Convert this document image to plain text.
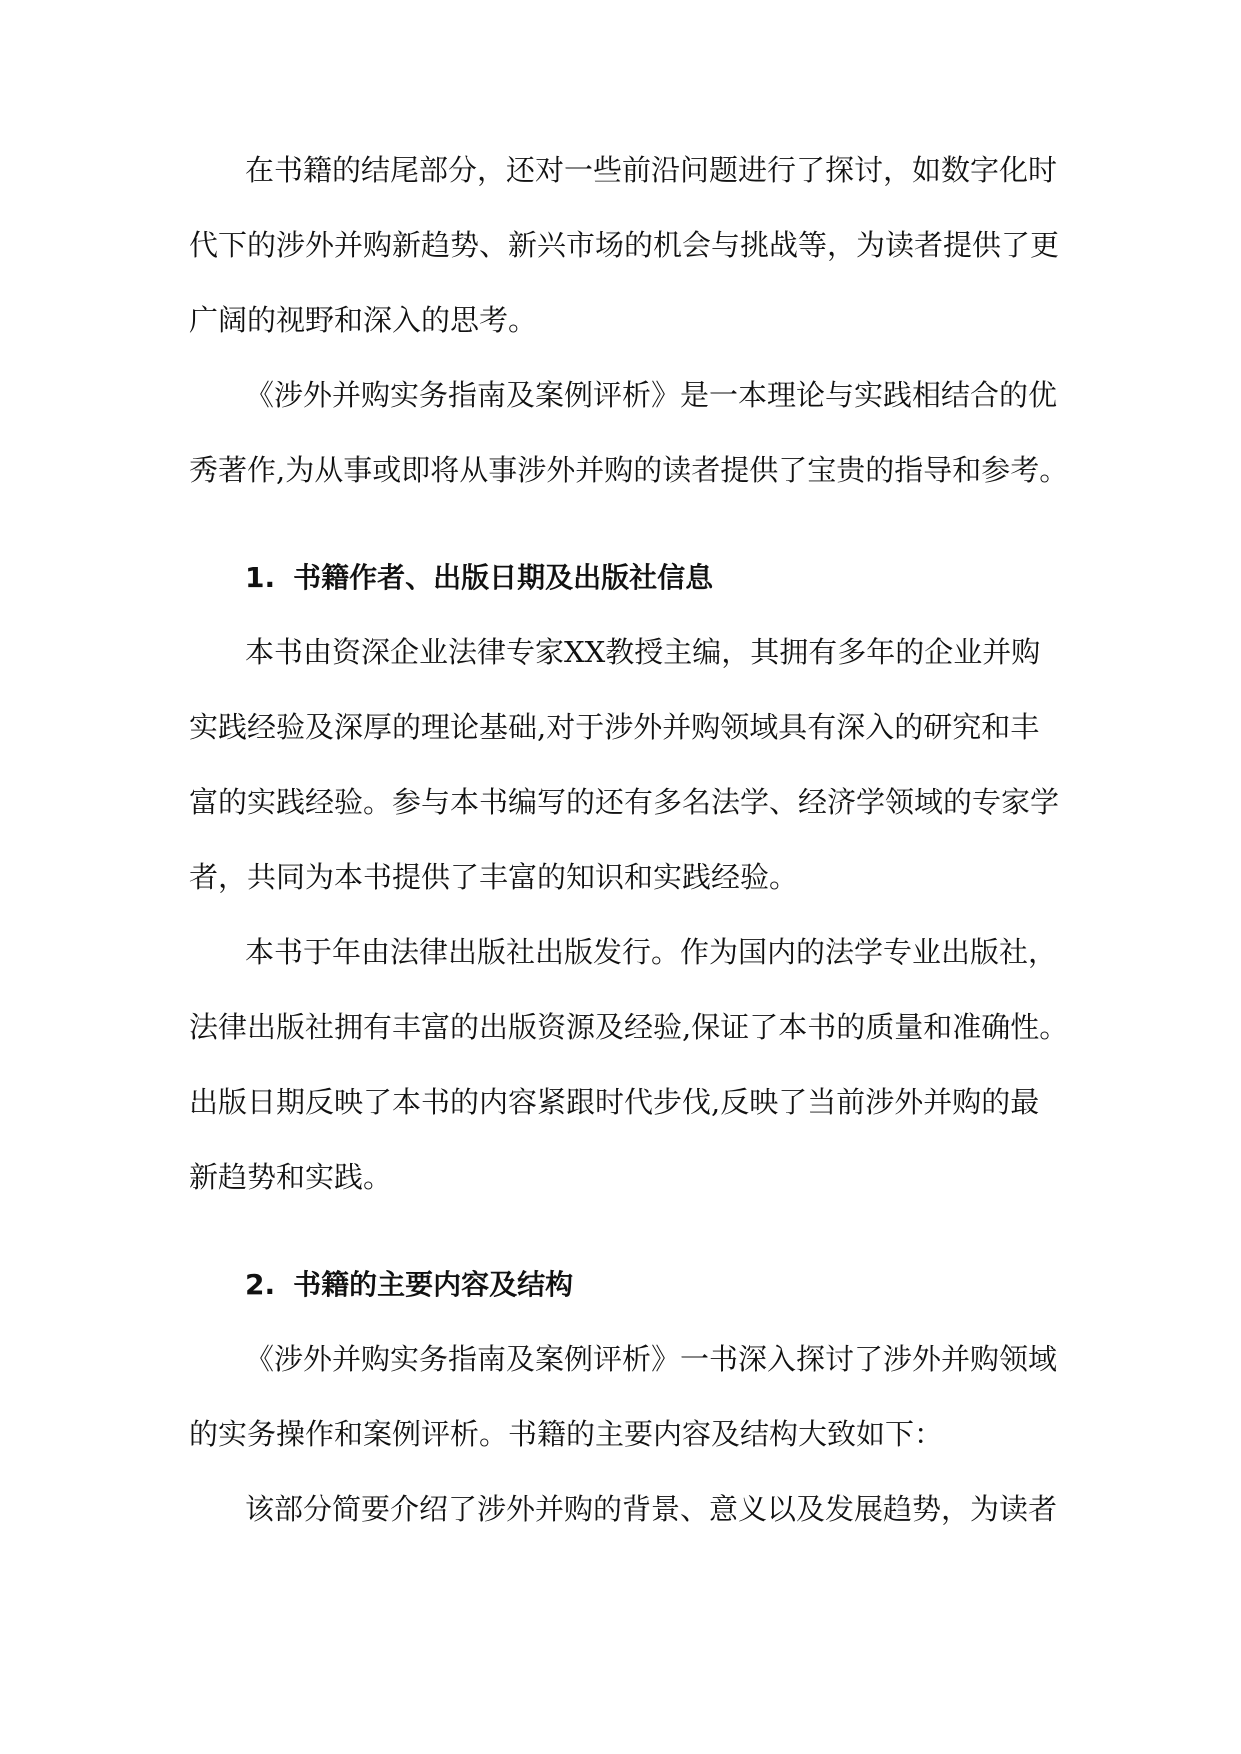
在书籍的结尾部分，还对一些前沿问题进行了探讨，如数字化时
代下的涉外并购新趋势、新兴市场的机会与挑战等，为读者提供了更
广阔的视野和深入的思考。
《涉外并购实务指南及案例评析》是一本理论与实践相结合的优
秀著作,为从事或即将从事涉外并购的读者提供了宝贵的指导和参考。
1. 书籍作者、出版日期及出版社信息
本书由资深企业法律专家XX教授主编，其拥有多年的企业并购
实践经验及深厚的理论基础,对于涉外并购领域具有深入的研究和丰
富的实践经验。参与本书编写的还有多名法学、经济学领域的专家学
者，共同为本书提供了丰富的知识和实践经验。
本书于年由法律出版社出版发行。作为国内的法学专业出版社，
法律出版社拥有丰富的出版资源及经验,保证了本书的质量和准确性。
出版日期反映了本书的内容紧跟时代步伐,反映了当前涉外并购的最
新趋势和实践。
2. 书籍的主要内容及结构
《涉外并购实务指南及案例评析》一书深入探讨了涉外并购领域
的实务操作和案例评析。书籍的主要内容及结构大致如下：
该部分简要介绍了涉外并购的背景、意义以及发展趋势，为读者
